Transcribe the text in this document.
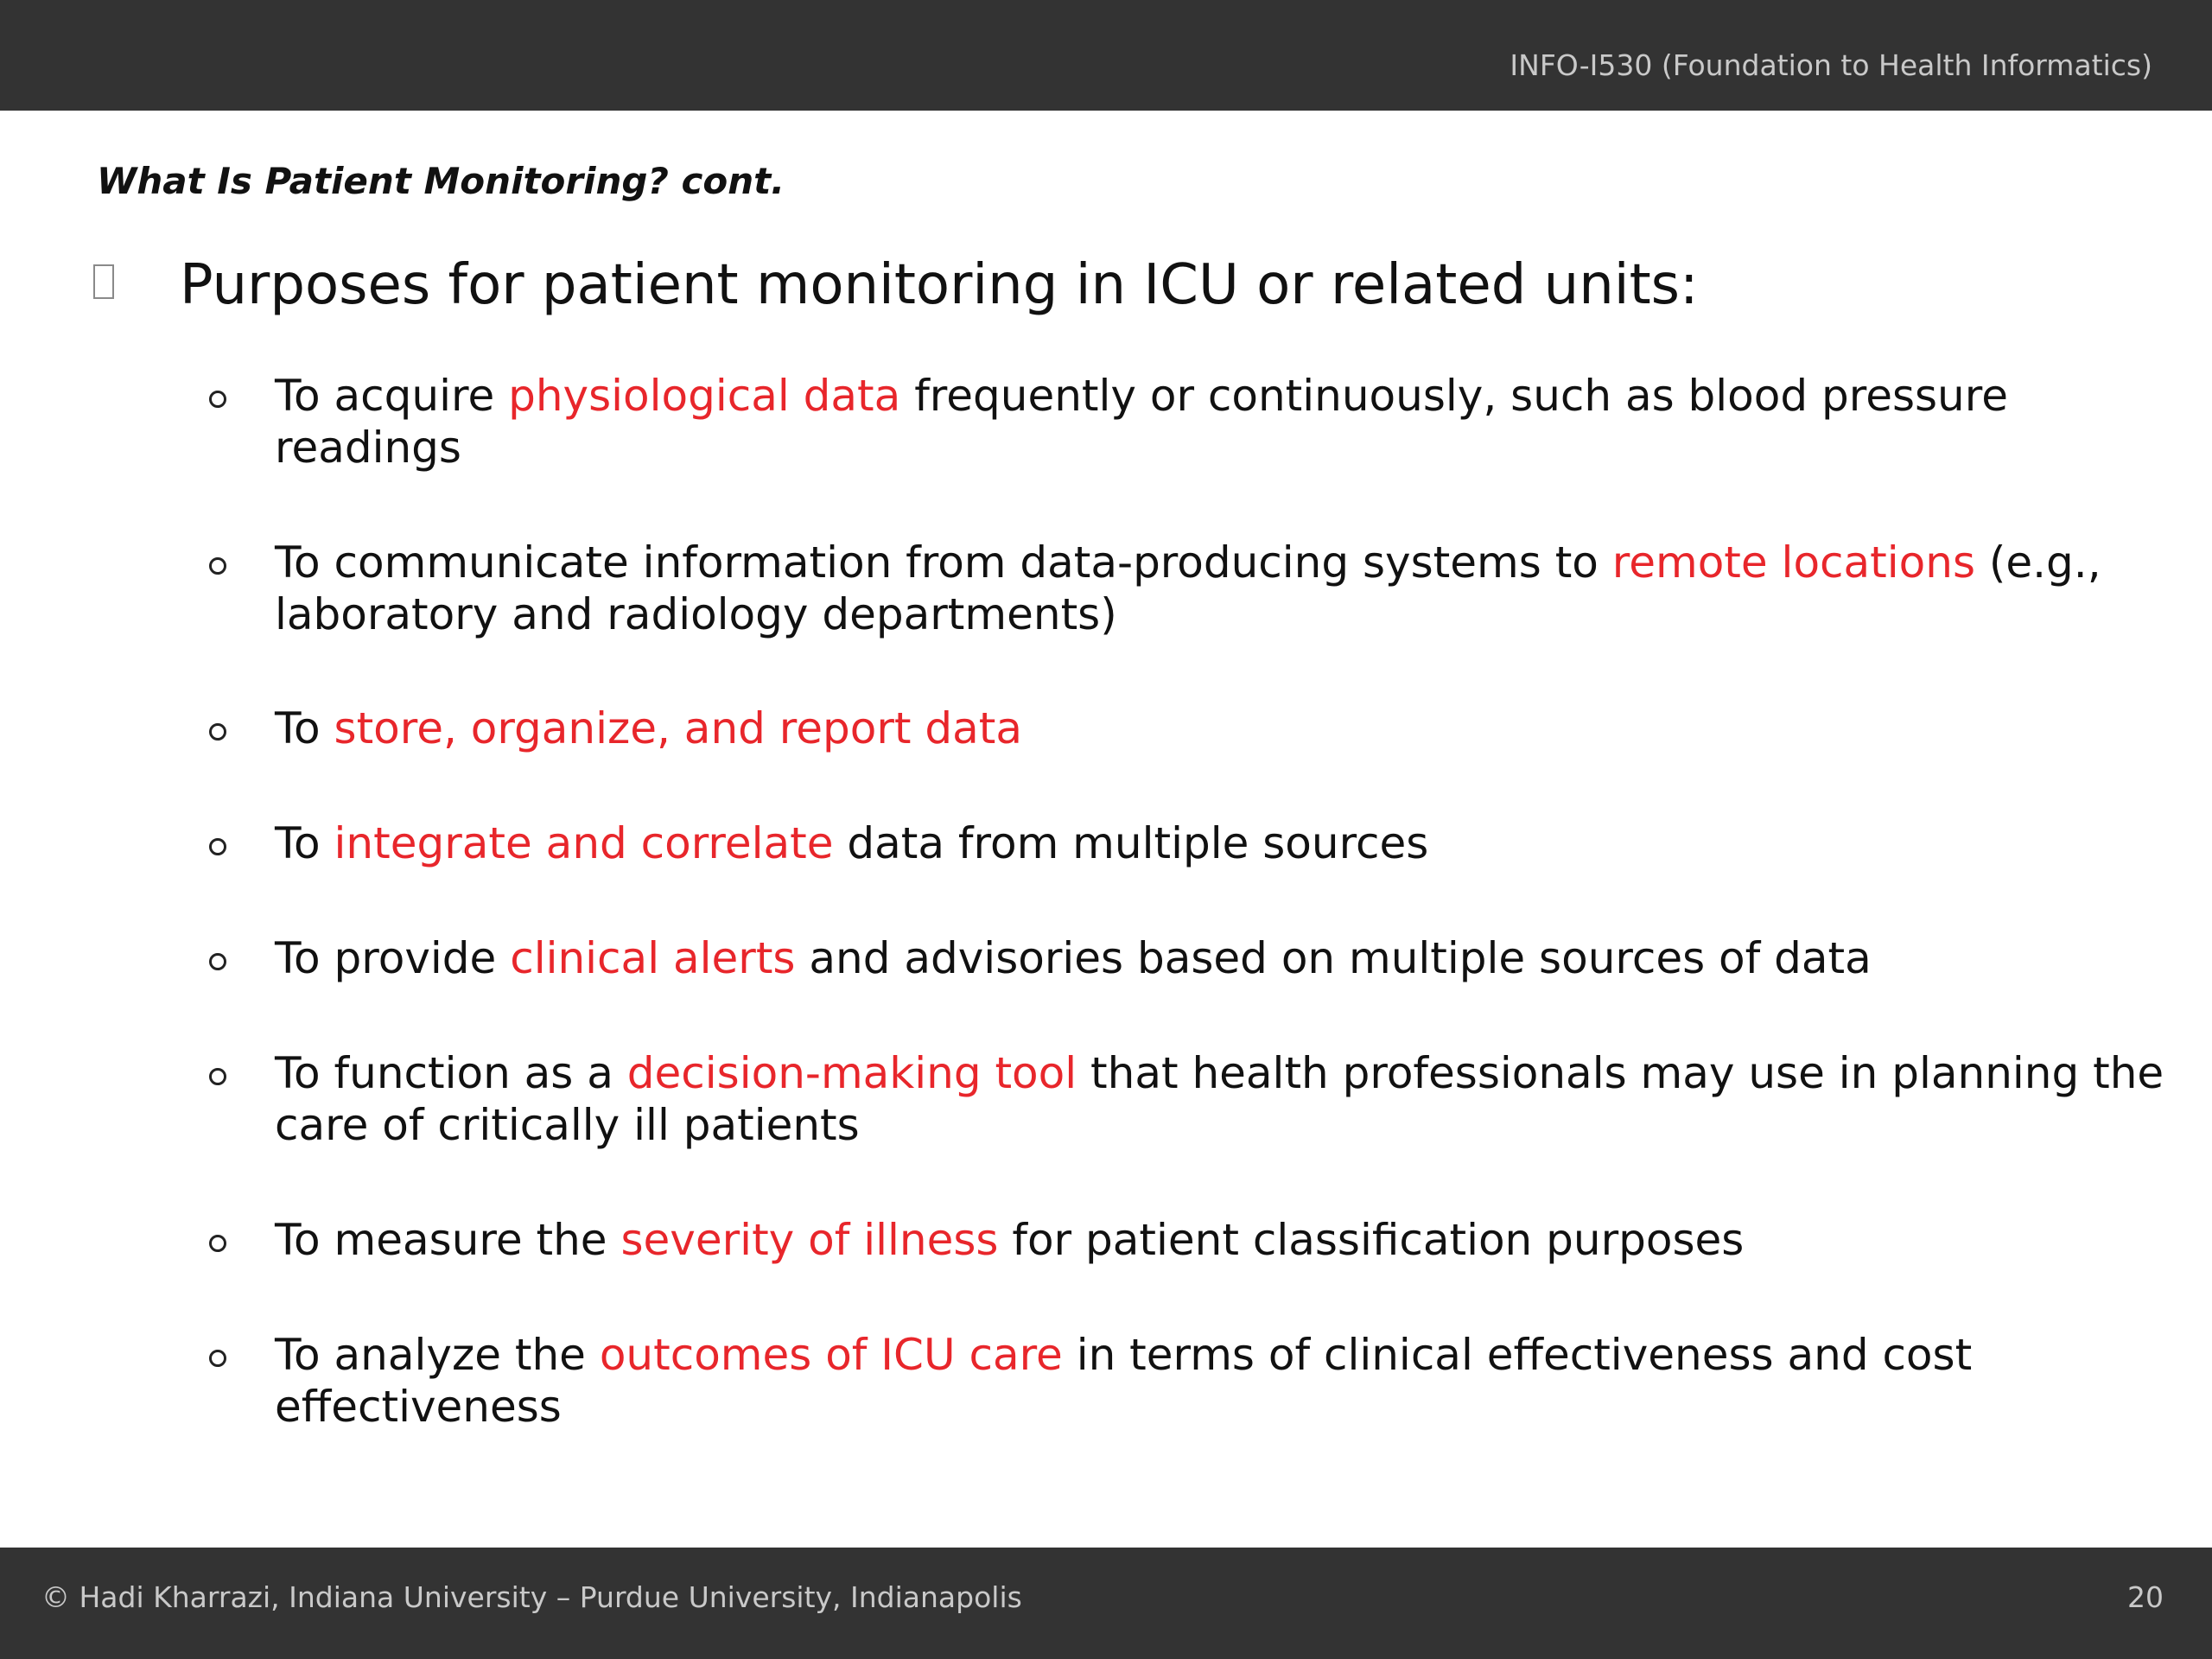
INFO-I530 (Foundation to Health Informatics)
What Is Patient Monitoring? cont.
Purposes for patient monitoring in ICU or related units:
To acquire physiological data frequently or continuously, such as blood pressure readings
To communicate information from data-producing systems to remote locations (e.g., laboratory and radiology departments)
To store, organize, and report data
To integrate and correlate data from multiple sources
To provide clinical alerts and advisories based on multiple sources of data
To function as a decision-making tool that health professionals may use in planning the care of critically ill patients
To measure the severity of illness for patient classification purposes
To analyze the outcomes of ICU care in terms of clinical effectiveness and cost effectiveness
© Hadi Kharrazi, Indiana University – Purdue University, Indianapolis	20
